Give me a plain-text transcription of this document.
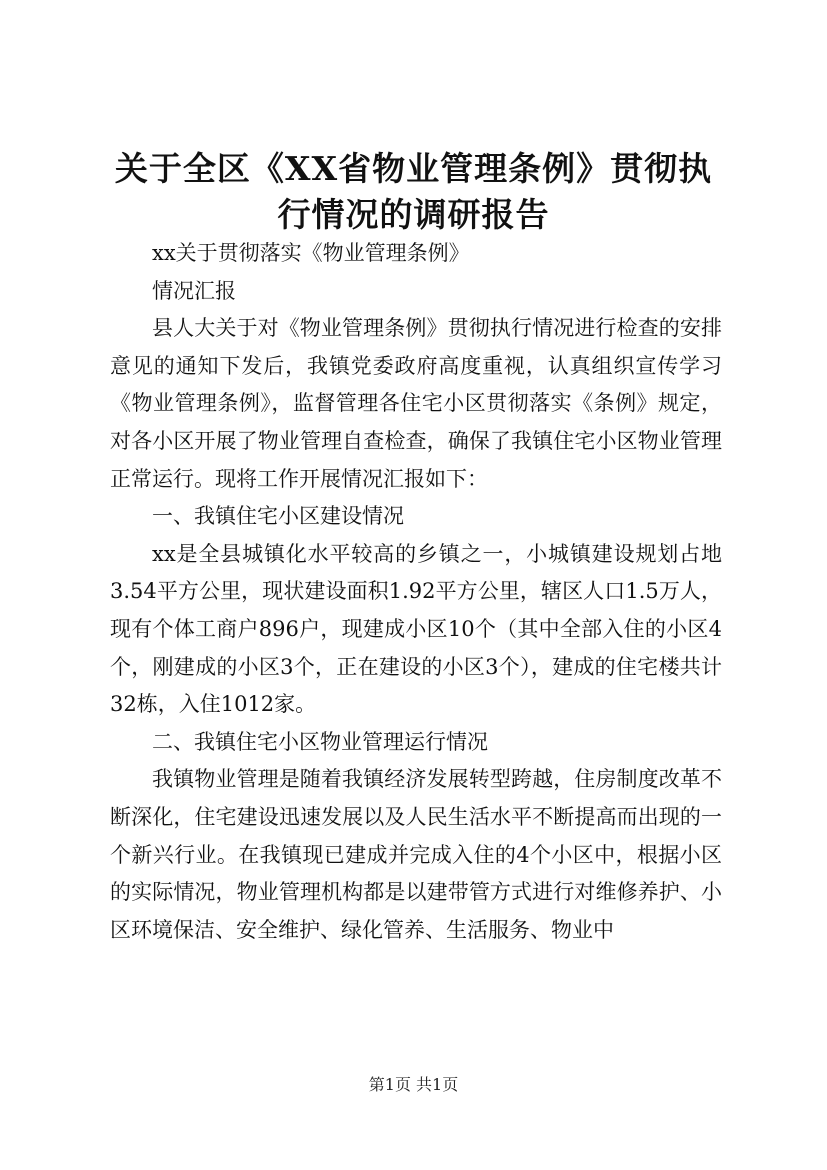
关于全区《XX省物业管理条例》贯彻执行情况的调研报告

xx关于贯彻落实《物业管理条例》

情况汇报

县人大关于对《物业管理条例》贯彻执行情况进行检查的安排意见的通知下发后，我镇党委政府高度重视，认真组织宣传学习《物业管理条例》，监督管理各住宅小区贯彻落实《条例》规定，对各小区开展了物业管理自查检查，确保了我镇住宅小区物业管理正常运行。现将工作开展情况汇报如下：

一、我镇住宅小区建设情况

xx是全县城镇化水平较高的乡镇之一，小城镇建设规划占地3.54平方公里，现状建设面积1.92平方公里，辖区人口1.5万人，现有个体工商户896户，现建成小区10个（其中全部入住的小区4个，刚建成的小区3个，正在建设的小区3个），建成的住宅楼共计32栋，入住1012家。

二、我镇住宅小区物业管理运行情况

我镇物业管理是随着我镇经济发展转型跨越，住房制度改革不断深化，住宅建设迅速发展以及人民生活水平不断提高而出现的一个新兴行业。在我镇现已建成并完成入住的4个小区中，根据小区的实际情况，物业管理机构都是以建带管方式进行对维修养护、小区环境保洁、安全维护、绿化管养、生活服务、物业中

第1页 共1页
